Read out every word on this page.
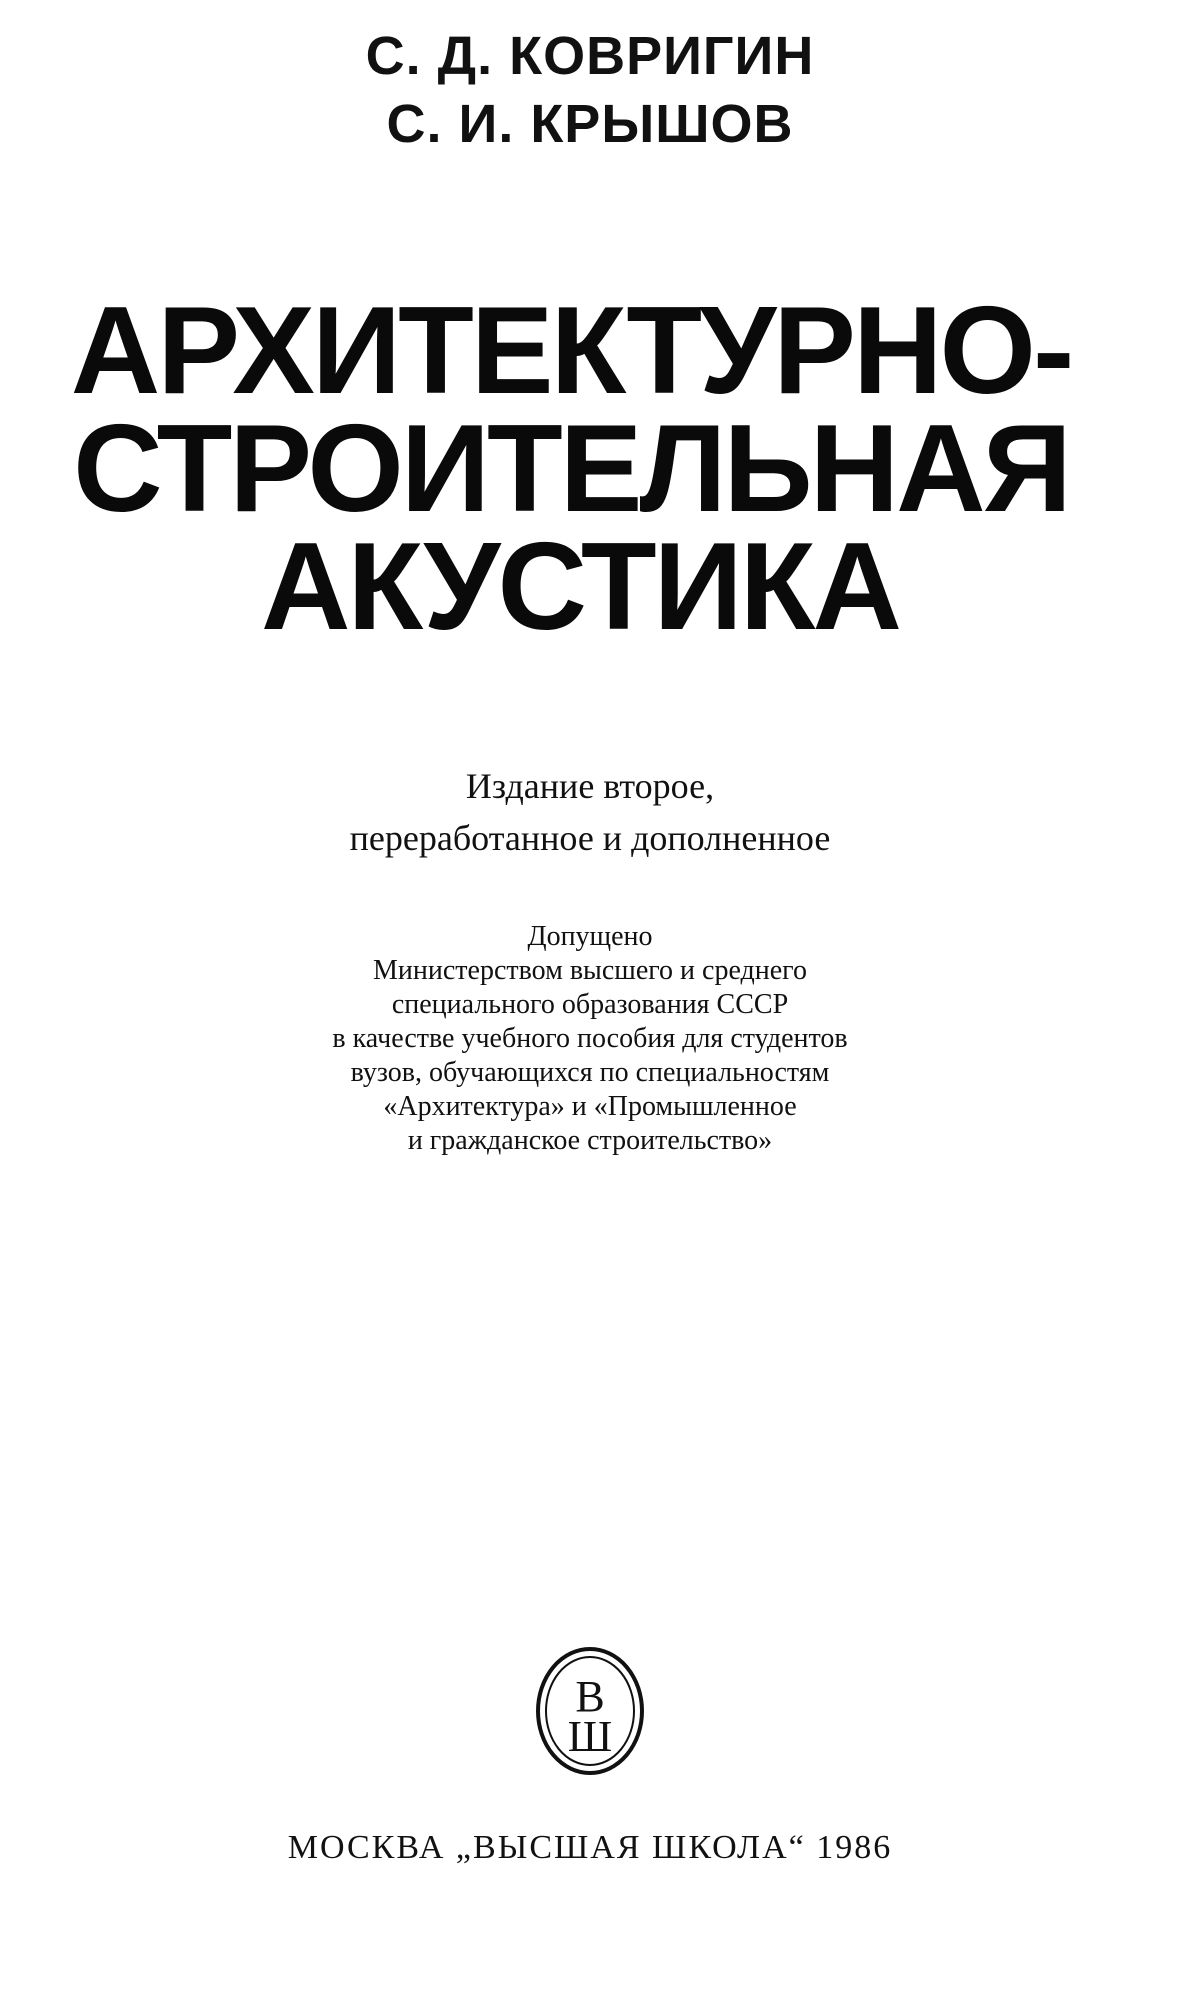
С. Д. КОВРИГИН
С. И. КРЫШОВ
АРХИТЕКТУРНО-
СТРОИТЕЛЬНАЯ
АКУСТИКА
Издание второе,
переработанное и дополненное
Допущено
Министерством высшего и среднего
специального образования СССР
в качестве учебного пособия для студентов
вузов, обучающихся по специальностям
«Архитектура» и «Промышленное
и гражданское строительство»
В
Ш
МОСКВА „ВЫСШАЯ ШКОЛА“ 1986
